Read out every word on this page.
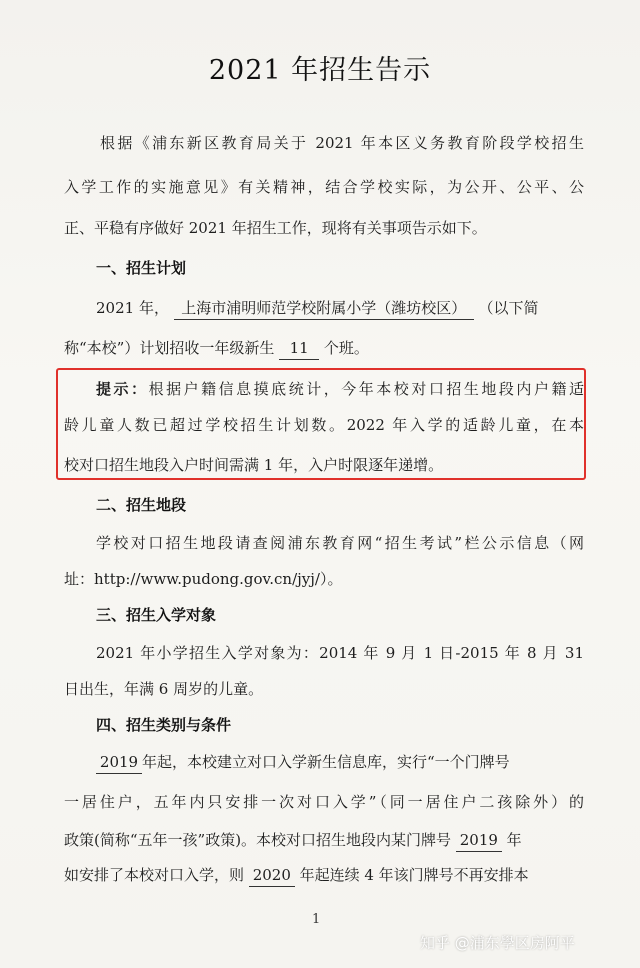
2021 年招生告示
根据《浦东新区教育局关于 2021 年本区义务教育阶段学校招生
入学工作的实施意见》有关精神，结合学校实际，为公开、公平、公
正、平稳有序做好 2021 年招生工作，现将有关事项告示如下。
一、招生计划
2021 年， 上海市浦明师范学校附属小学（潍坊校区） （以下简
称“本校”）计划招收一年级新生 11 个班。
提示：根据户籍信息摸底统计，今年本校对口招生地段内户籍适
龄儿童人数已超过学校招生计划数。2022 年入学的适龄儿童，在本
校对口招生地段入户时间需满 1 年，入户时限逐年递增。
二、招生地段
学校对口招生地段请查阅浦东教育网“招生考试”栏公示信息（网
址：http://www.pudong.gov.cn/jyj/）。
三、招生入学对象
2021 年小学招生入学对象为：2014 年 9 月 1 日-2015 年 8 月 31
日出生，年满 6 周岁的儿童。
四、招生类别与条件
2019 年起，本校建立对口入学新生信息库，实行“一个门牌号
一居住户，五年内只安排一次对口入学”（同一居住户二孩除外）的
政策(简称“五年一孩”政策)。本校对口招生地段内某门牌号 2019 年
如安排了本校对口入学，则 2020 年起连续 4 年该门牌号不再安排本
1
知乎 @浦东學区房阿平
